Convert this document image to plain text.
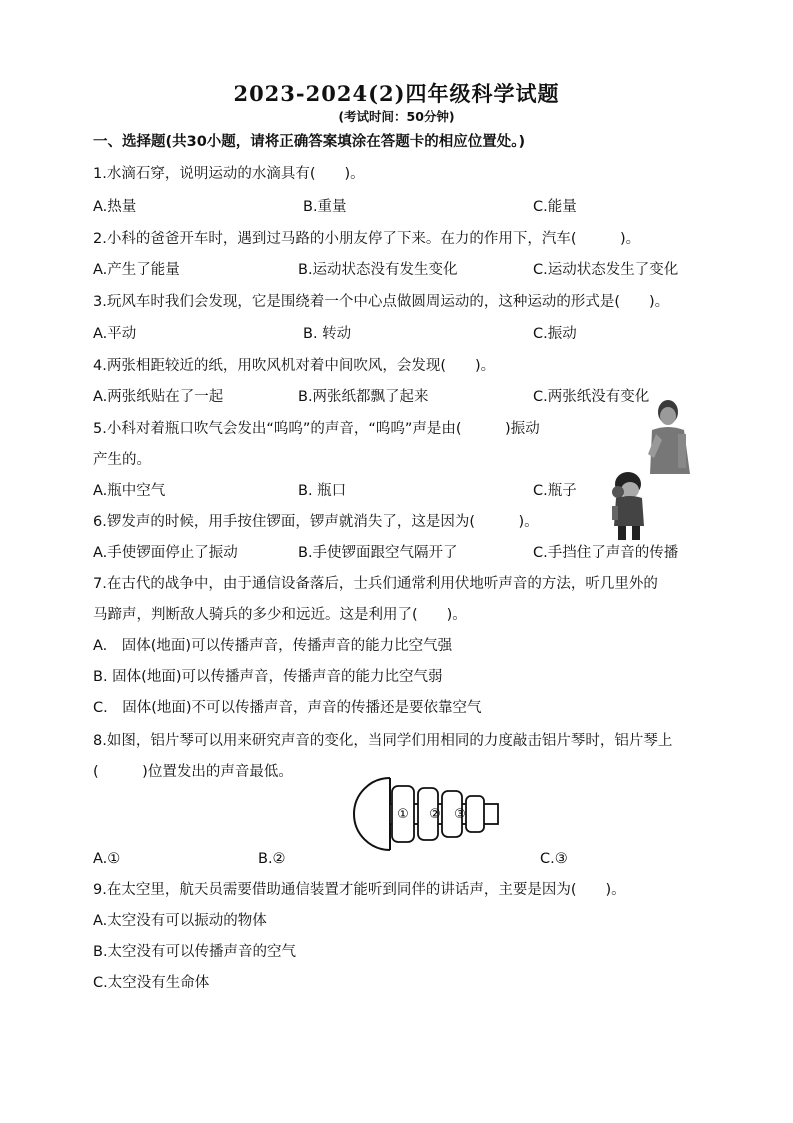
2023-2024(2)四年级科学试题
(考试时间：50分钟)
一、选择题(共30小题，请将正确答案填涂在答题卡的相应位置处。)
1.水滴石穿，说明运动的水滴具有(　　)。
A.热量	B.重量	C.能量
2.小科的爸爸开车时，遇到过马路的小朋友停了下来。在力的作用下，汽车(　　　)。
A.产生了能量	B.运动状态没有发生变化	C.运动状态发生了变化
3.玩风车时我们会发现，它是围绕着一个中心点做圆周运动的，这种运动的形式是(　　)。
A.平动	B. 转动	C.振动
4.两张相距较近的纸，用吹风机对着中间吹风，会发现(　　)。
A.两张纸贴在了一起	B.两张纸都飘了起来	C.两张纸没有变化
5.小科对着瓶口吹气会发出“呜呜”的声音，“呜呜”声是由(　　　)振动
产生的。
A.瓶中空气	B. 瓶口	C.瓶子
6.锣发声的时候，用手按住锣面，锣声就消失了，这是因为(　　　)。
A.手使锣面停止了振动	B.手使锣面跟空气隔开了	C.手挡住了声音的传播
7.在古代的战争中，由于通信设备落后，士兵们通常利用伏地听声音的方法，听几里外的
马蹄声，判断敌人骑兵的多少和远近。这是利用了(　　)。
A.　固体(地面)可以传播声音，传播声音的能力比空气强
B. 固体(地面)可以传播声音，传播声音的能力比空气弱
C.　固体(地面)不可以传播声音，声音的传播还是要依靠空气
8.如图，铝片琴可以用来研究声音的变化，当同学们用相同的力度敲击铝片琴时，铝片琴上
(　　　)位置发出的声音最低。
① ② ③
A.①	B.②	C.③
9.在太空里，航天员需要借助通信装置才能听到同伴的讲话声，主要是因为(　　)。
A.太空没有可以振动的物体
B.太空没有可以传播声音的空气
C.太空没有生命体
